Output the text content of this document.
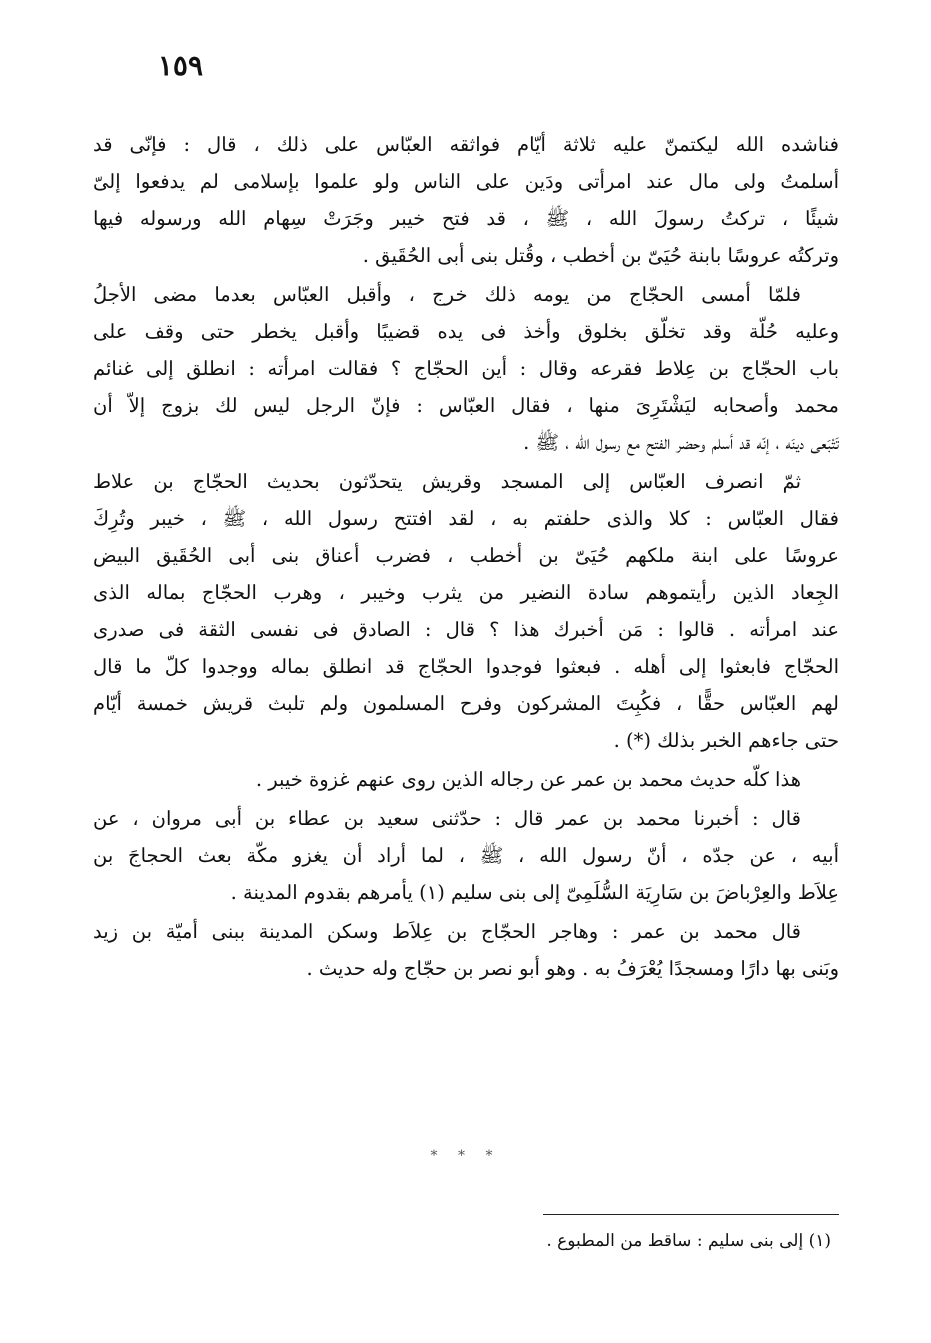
١٥٩
فناشده الله ليكتمنّ عليه ثلاثة أيّام فواثقه العبّاس على ذلك ، قال : فإنّى قد
أسلمتُ ولى مال عند امرأتى ودَين على الناس ولو علموا بإسلامى لم يدفعوا إلىّ
شيئًا ، تركتُ رسولَ الله ، ﷺ ، قد فتح خيبر وجَرَتْ سِهام الله ورسوله فيها
وتركتُه عروسًا بابنة حُيَىّ بن أخطب ، وقُتل بنى أبى الحُقَيق .
فلمّا أمسى الحجّاج من يومه ذلك خرج ، وأقبل العبّاس بعدما مضى الأجلُ
وعليه حُلّة وقد تخلّق بخلوق وأخذ فى يده قضيبًا وأقبل يخطر حتى وقف على
باب الحجّاج بن عِلاط فقرعه وقال : أين الحجّاج ؟ فقالت امرأته : انطلق إلى غنائم
محمد وأصحابه ليَشْتَرِىَ منها ، فقال العبّاس : فإنّ الرجل ليس لك بزوج إلاّ أن
تَتْبَعى دينَه ، إنّه قد أسلم وحضر الفتح مع رسول الله ، ﷺ .
ثمّ انصرف العبّاس إلى المسجد وقريش يتحدّثون بحديث الحجّاج بن علاط
فقال العبّاس : كلا والذى حلفتم به ، لقد افتتح رسول الله ، ﷺ ، خيبر وتُرِكَ
عروسًا على ابنة ملكهم حُيَىّ بن أخطب ، فضرب أعناق بنى أبى الحُقَيق البيض
الجِعاد الذين رأيتموهم سادة النضير من يثرب وخيبر ، وهرب الحجّاج بماله الذى
عند امرأته . قالوا : مَن أخبرك هذا ؟ قال : الصادق فى نفسى الثقة فى صدرى
الحجّاج فابعثوا إلى أهله . فبعثوا فوجدوا الحجّاج قد انطلق بماله ووجدوا كلّ ما قال
لهم العبّاس حقًّا ، فكُبِتَ المشركون وفرح المسلمون ولم تلبث قريش خمسة أيّام
حتى جاءهم الخبر بذلك (*) .
هذا كلّه حديث محمد بن عمر عن رجاله الذين روى عنهم غزوة خيبر .
قال : أخبرنا محمد بن عمر قال : حدّثنى سعيد بن عطاء بن أبى مروان ، عن
أبيه ، عن جدّه ، أنّ رسول الله ، ﷺ ، لما أراد أن يغزو مكّة بعث الحجاجَ بن
عِلاَط والعِرْباضَ بن سَارِيَة السُّلَمِىّ إلى بنى سليم (١) يأمرهم بقدوم المدينة .
قال محمد بن عمر : وهاجر الحجّاج بن عِلاَط وسكن المدينة ببنى أميّة بن زيد
وبَنى بها دارًا ومسجدًا يُعْرَفُ به . وهو أبو نصر بن حجّاج وله حديث .
* * *
(١) إلى بنى سليم : ساقط من المطبوع .
